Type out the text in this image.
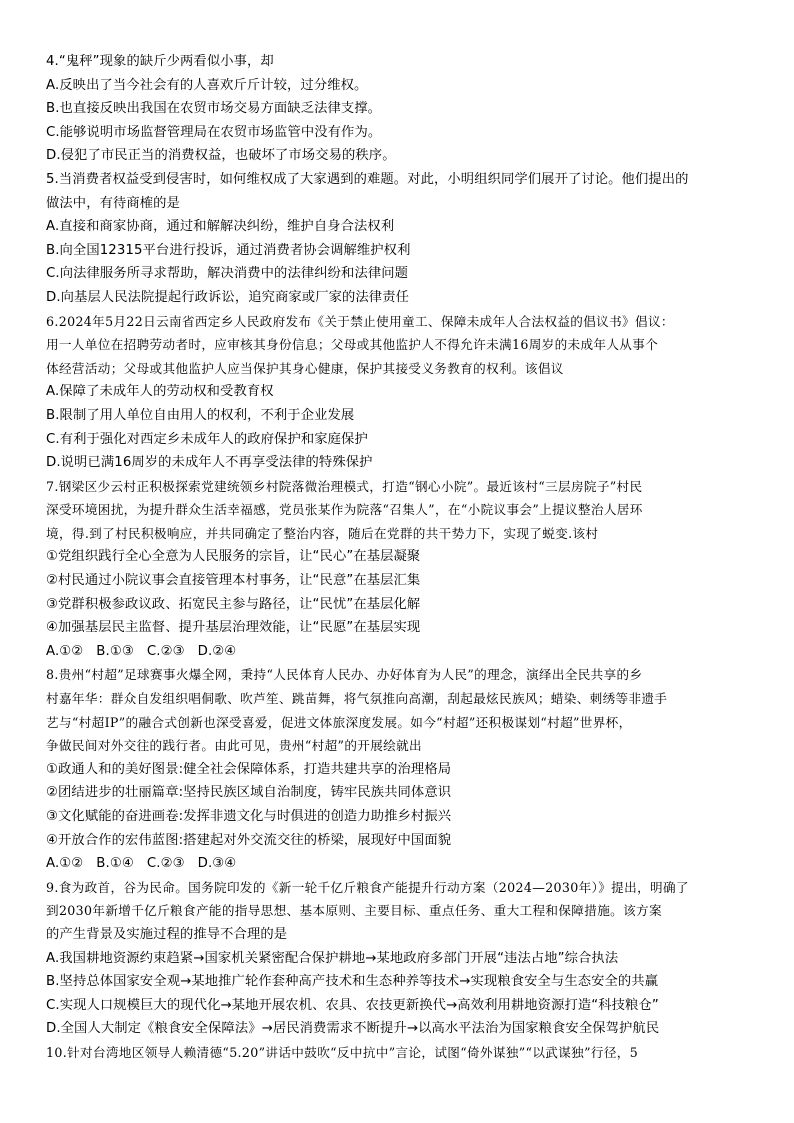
4.“鬼秤”现象的缺斤少两看似小事，却
A.反映出了当今社会有的人喜欢斤斤计较，过分维权。
B.也直接反映出我国在农贸市场交易方面缺乏法律支撑。
C.能够说明市场监督管理局在农贸市场监管中没有作为。
D.侵犯了市民正当的消费权益，也破坏了市场交易的秩序。
5.当消费者权益受到侵害时，如何维权成了大家遇到的难题。对此，小明组织同学们展开了讨论。他们提出的
做法中，有待商榷的是
A.直接和商家协商，通过和解解决纠纷，维护自身合法权利
B.向全国12315平台进行投诉，通过消费者协会调解维护权利
C.向法律服务所寻求帮助，解决消费中的法律纠纷和法律问题
D.向基层人民法院提起行政诉讼，追究商家或厂家的法律责任
6.2024年5月22日云南省西定乡人民政府发布《关于禁止使用童工、保障未成年人合法权益的倡议书》倡议：
用一人单位在招聘劳动者时，应审核其身份信息；父母或其他监护人不得允许未满16周岁的未成年人从事个
体经营活动；父母或其他监护人应当保护其身心健康，保护其接受义务教育的权利。该倡议
A.保障了未成年人的劳动权和受教育权
B.限制了用人单位自由用人的权利，不利于企业发展
C.有利于强化对西定乡未成年人的政府保护和家庭保护
D.说明已满16周岁的未成年人不再享受法律的特殊保护
7.钢梁区少云村正积极探索党建统领乡村院落微治理模式，打造“钢心小院”。最近该村“三层房院子”村民
深受环境困扰，为提升群众生活幸福感，党员张某作为院落“召集人”，在“小院议事会”上提议整治人居环
境，得.到了村民积极响应，并共同确定了整治内容，随后在党群的共干势力下，实现了蜕变.该村
①党组织践行全心全意为人民服务的宗旨，让“民心”在基层凝聚
②村民通过小院议事会直接管理本村事务，让“民意”在基层汇集
③党群积极参政议政、拓宽民主参与路径，让“民忧”在基层化解
④加强基层民主监督、提升基层治理效能，让“民愿”在基层实现
A.①②   B.①③   C.②③   D.②④
8.贵州“村超”足球赛事火爆全网，秉持“人民体育人民办、办好体育为人民”的理念，演绎出全民共享的乡
村嘉年华：群众自发组织唱侗歌、吹芦笙、跳苗舞，将气氛推向高潮，刮起最炫民族风；蜡染、刺绣等非遗手
艺与“村超IP”的融合式创新也深受喜爱，促进文体旅深度发展。如今“村超”还积极谋划“村超”世界杯，
争做民间对外交往的践行者。由此可见，贵州“村超”的开展绘就出
①政通人和的美好图景:健全社会保障体系，打造共建共享的治理格局
②团结进步的壮丽篇章:坚持民族区域自治制度，铸牢民族共同体意识
③文化赋能的奋进画卷:发挥非遗文化与时俱进的创造力助推乡村振兴
④开放合作的宏伟蓝图:搭建起对外交流交往的桥梁，展现好中国面貌
A.①②   B.①④   C.②③   D.③④
9.食为政首，谷为民命。国务院印发的《新一轮千亿斤粮食产能提升行动方案（2024—2030年）》提出，明确了
到2030年新增千亿斤粮食产能的指导思想、基本原则、主要目标、重点任务、重大工程和保障措施。该方案
的产生背景及实施过程的推导不合理的是
A.我国耕地资源约束趋紧→国家机关紧密配合保护耕地→某地政府多部门开展“违法占地”综合执法
B.坚持总体国家安全观→某地推广轮作套种高产技术和生态种养等技术→实现粮食安全与生态安全的共赢
C.实现人口规模巨大的现代化→某地开展农机、农具、农技更新换代→高效利用耕地资源打造“科技粮仓”
D.全国人大制定《粮食安全保障法》→居民消费需求不断提升→以高水平法治为国家粮食安全保驾护航民
10.针对台湾地区领导人赖清德“5.20”讲话中鼓吹“反中抗中”言论，试图“倚外谋独”“以武谋独”行径，5
